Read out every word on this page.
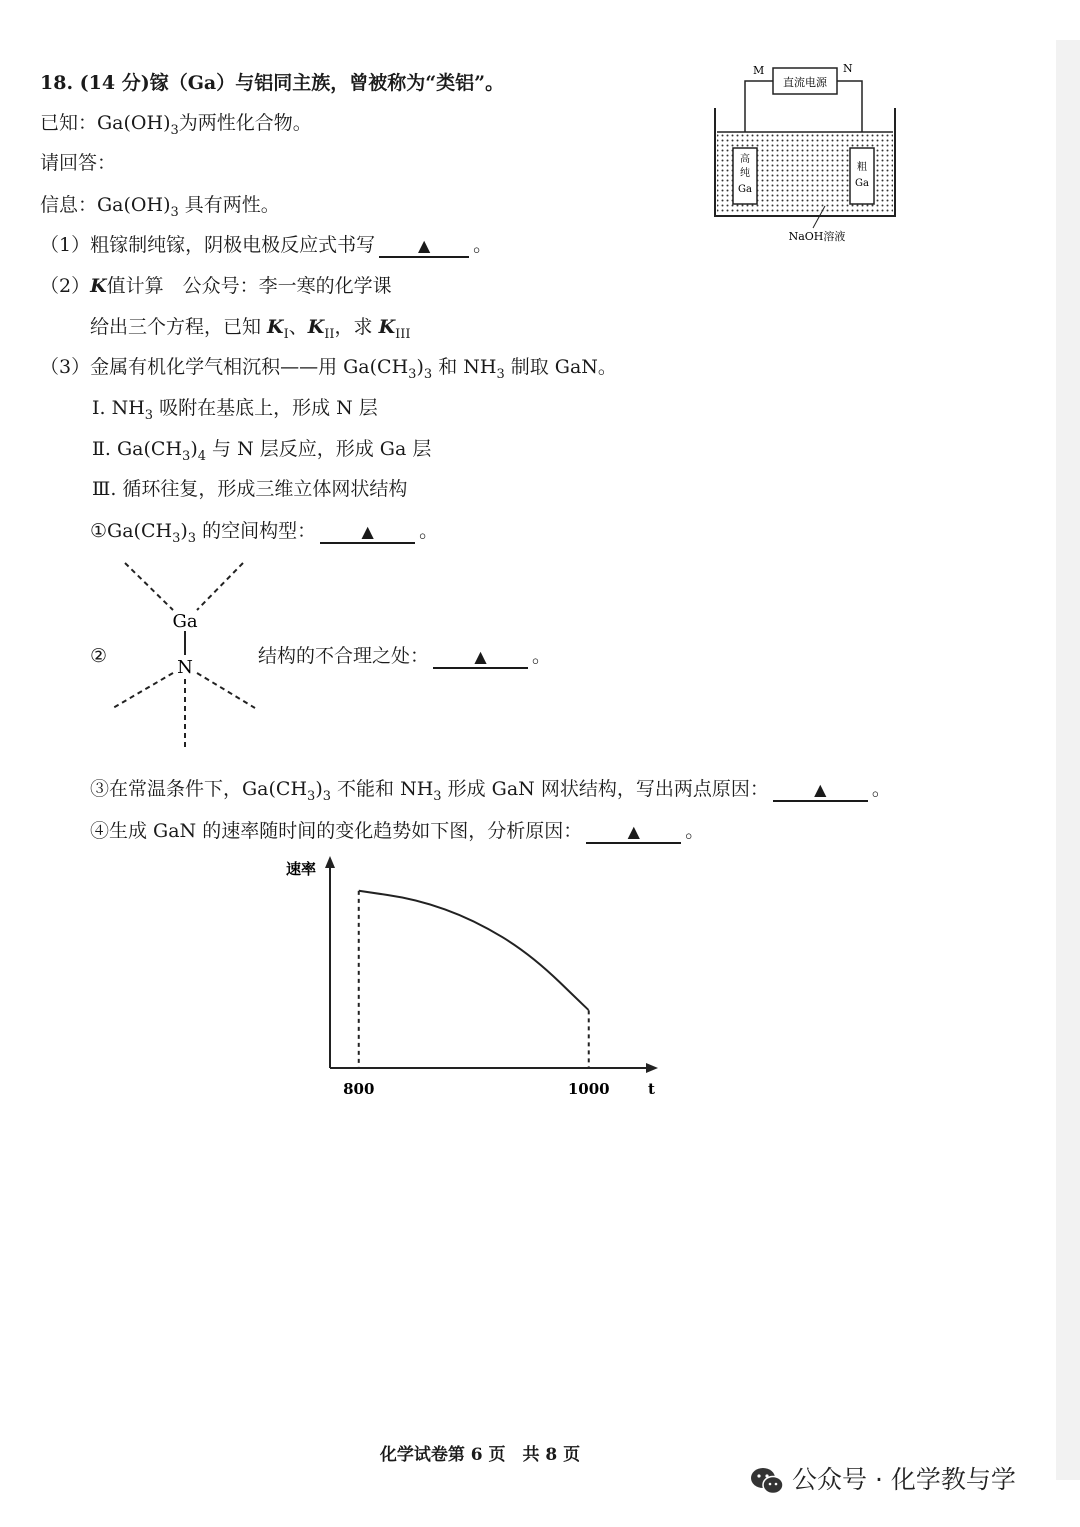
18. (14 分)镓（Ga）与铝同主族，曾被称为“类铝”。
已知：$Ga(OH)_3$为两性化合物。
请回答：
信息：$Ga(OH)_3$ 具有两性。
（1）粗镓制纯镓，阴极电极反应式书写	▲ 。
（2）K值计算　公众号：李一寒的化学课
给出三个方程，已知 $K_I$、$K_{II}$，求 $K_{III}$
（3）金属有机化学气相沉积——用 $Ga(CH_3)_3$ 和 $NH_3$ 制取 GaN。
Ⅰ. $NH_3$ 吸附在基底上，形成 N 层
Ⅱ. $Ga(CH_3)_4$ 与 N 层反应，形成 Ga 层
Ⅲ. 循环往复，形成三维立体网状结构
$①Ga(CH_3)_3$ 的空间构型：	▲ 。
②
Ga
N
结构的不合理之处：	▲ 。
③在常温条件下，$Ga(CH_3)_3$ 不能和 $NH_3$ 形成 GaN 网状结构，写出两点原因：	▲ 。
④生成 GaN 的速率随时间的变化趋势如下图，分析原因：	▲ 。
M	N
直流电源
高
纯
Ga
粗
Ga
NaOH溶液
速率
t
800	1000
化学试卷第 6 页　共 8 页
公众号 · 化学教与学
